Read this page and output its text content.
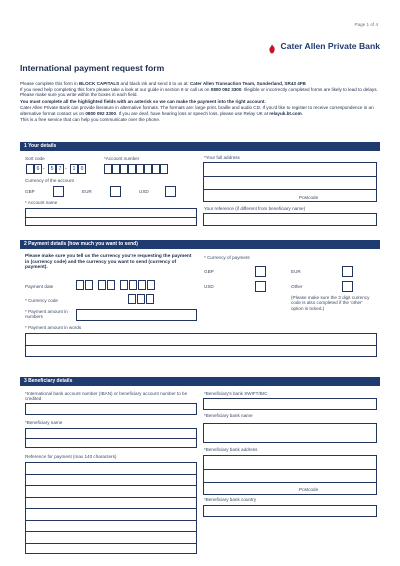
Page 1 of 4
Cater Allen Private Bank
International payment request form
Please complete this form in BLOCK CAPITALS and black ink and send it to us at: Cater Allen Transaction Team, Sunderland, SR43 4FB
If you need help completing this form please take a look at our guide in section 9 or call us on 0800 092 3300. Illegible or incorrectly completed forms are likely to lead to delays. Please make sure you write within the boxes in each field.
You must complete all the highlighted fields with an asterisk so we can make the payment into the right account.
Cater Allen Private Bank can provide literature in alternative formats. The formats are: large print, braille and audio CD. If you'd like to register to receive correspondence in an alternative format contact us on 0800 092 3300. If you are deaf, have hearing loss or speech loss, please use Relay UK at relayuk.bt.com.
This is a free service that can help you communicate over the phone.
1 Your details
Sort code
6 -	5	7 -	1	0
*Account number	*Your full address
Postcode
Currency of the account
GBP	EUR	USD
* Account name
Your reference (if different from beneficiary name)
2 Payment details (how much you want to send)
Please make sure you tell us the currency you're requesting the payment in (currency code) and the currency you want to send (currency of payment).
* Currency of payment
GBP	EUR
USD	Other
(Please make sure the 3 digit currency code is also completed if the 'other' option is ticked.)
Payment date
* Currency code
* Payment amount in numbers
* Payment amount in words
3 Beneficiary details
*International bank account number (IBAN) or beneficiary account number to be credited
*Beneficiary's bank SWIFT/BIC
*Beneficiary bank name
*Beneficiary name
*Beneficiary bank address
Postcode
Reference for payment (max 140 characters)
*Beneficiary bank country
